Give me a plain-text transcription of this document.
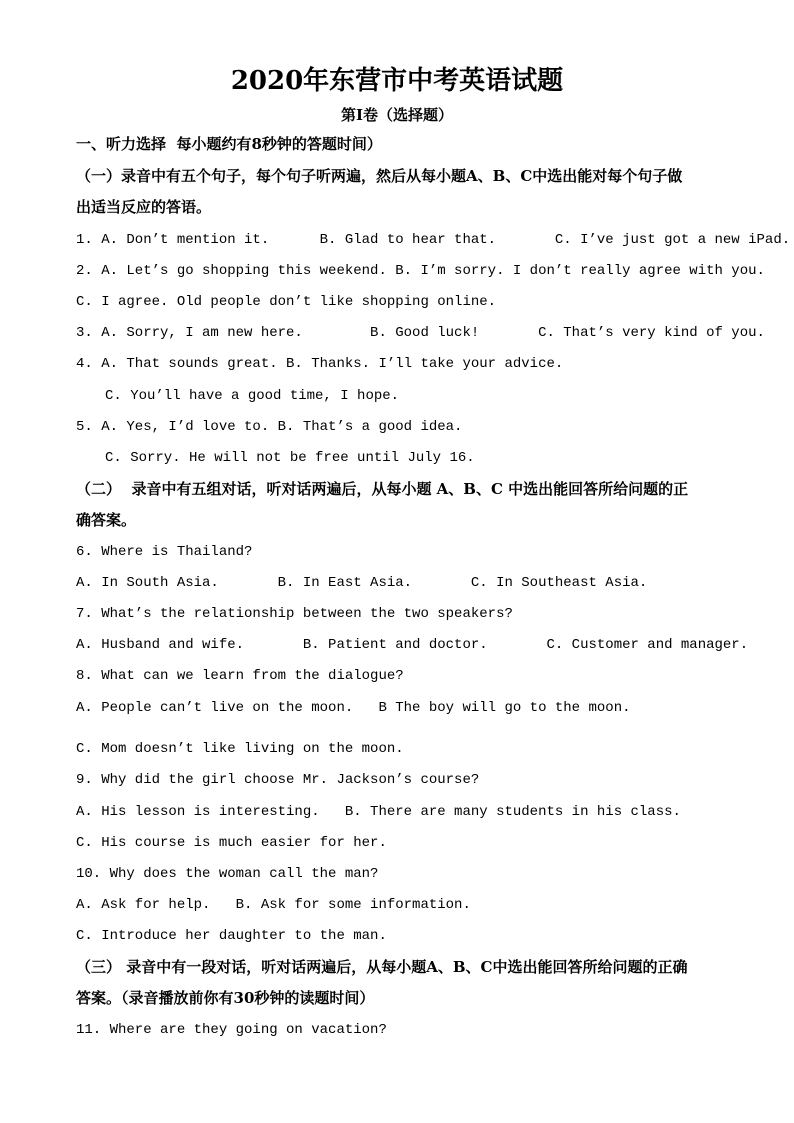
2020年东营市中考英语试题
第Ⅰ卷（选择题）
一、听力选择  每小题约有8秒钟的答题时间）
（一）录音中有五个句子，每个句子听两遍，然后从每小题A、B、C中选出能对每个句子做
出适当反应的答语。
1. A. Don’t mention it.      B. Glad to hear that.       C. I’ve just got a new iPad.
2. A. Let’s go shopping this weekend. B. I’m sorry. I don’t really agree with you.
C. I agree. Old people don’t like shopping online.
3. A. Sorry, I am new here.        B. Good luck!       C. That’s very kind of you.
4. A. That sounds great. B. Thanks. I’ll take your advice.
C. You’ll have a good time, I hope.
5. A. Yes, I’d love to. B. That’s a good idea.
C. Sorry. He will not be free until July 16.
（二）  录音中有五组对话，听对话两遍后，从每小题 A、B、C 中选出能回答所给问题的正
确答案。
6. Where is Thailand?
A. In South Asia.       B. In East Asia.       C. In Southeast Asia.
7. What’s the relationship between the two speakers?
A. Husband and wife.       B. Patient and doctor.       C. Customer and manager.
8. What can we learn from the dialogue?
A. People can’t live on the moon.   B The boy will go to the moon.
C. Mom doesn’t like living on the moon.
9. Why did the girl choose Mr. Jackson’s course?
A. His lesson is interesting.   B. There are many students in his class.
C. His course is much easier for her.
10. Why does the woman call the man?
A. Ask for help.   B. Ask for some information.
C. Introduce her daughter to the man.
（三） 录音中有一段对话，听对话两遍后，从每小题A、B、C中选出能回答所给问题的正确
答案。（录音播放前你有30秒钟的读题时间）
11. Where are they going on vacation?
